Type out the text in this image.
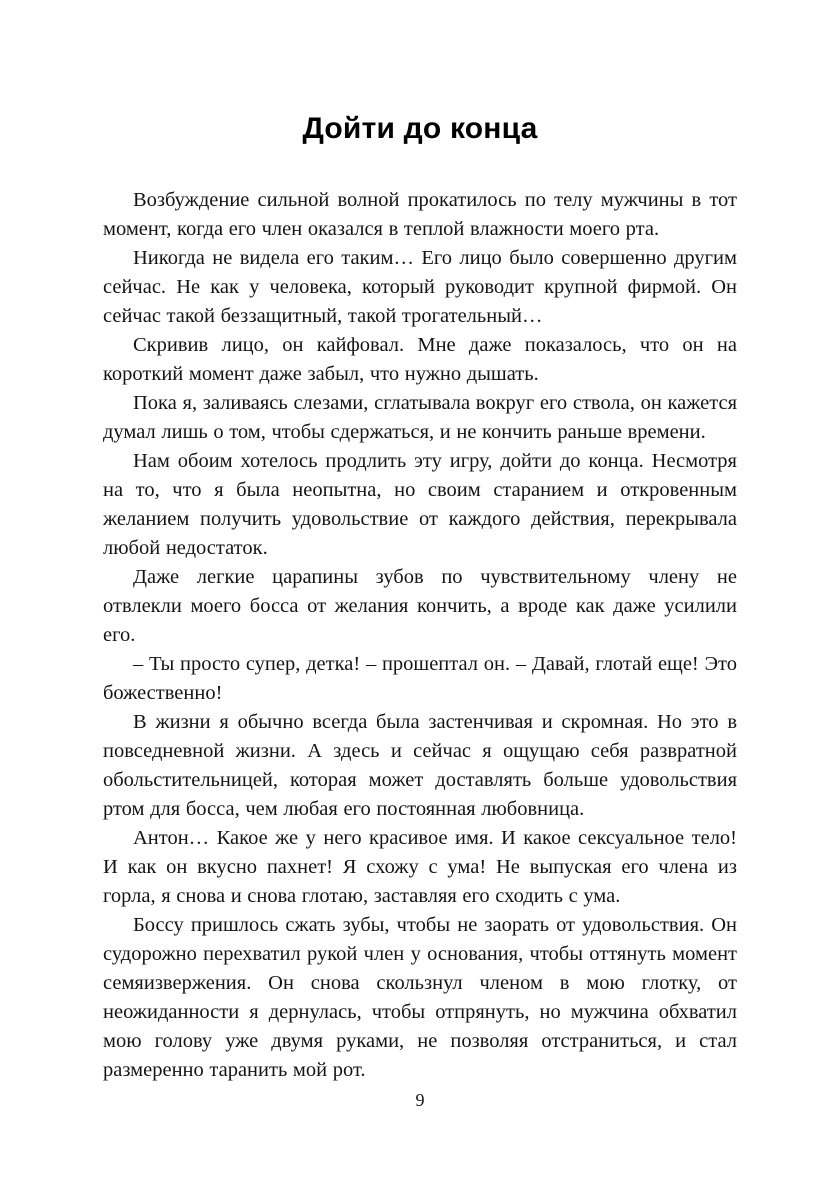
Дойти до конца

Возбуждение сильной волной прокатилось по телу мужчины в тот момент, когда его член оказался в теплой влажности моего рта.

Никогда не видела его таким… Его лицо было совершенно другим сейчас. Не как у человека, который руководит крупной фирмой. Он сейчас такой беззащитный, такой трогательный…

Скривив лицо, он кайфовал. Мне даже показалось, что он на короткий момент даже забыл, что нужно дышать.

Пока я, заливаясь слезами, сглатывала вокруг его ствола, он кажется думал лишь о том, чтобы сдержаться, и не кончить раньше времени.

Нам обоим хотелось продлить эту игру, дойти до конца. Несмотря на то, что я была неопытна, но своим старанием и откровенным желанием получить удовольствие от каждого действия, перекрывала любой недостаток.

Даже легкие царапины зубов по чувствительному члену не отвлекли моего босса от желания кончить, а вроде как даже усилили его.

– Ты просто супер, детка! – прошептал он. – Давай, глотай еще! Это божественно!

В жизни я обычно всегда была застенчивая и скромная. Но это в повседневной жизни. А здесь и сейчас я ощущаю себя развратной обольстительницей, которая может доставлять больше удовольствия ртом для босса, чем любая его постоянная любовница.

Антон… Какое же у него красивое имя. И какое сексуальное тело! И как он вкусно пахнет! Я схожу с ума! Не выпуская его члена из горла, я снова и снова глотаю, заставляя его сходить с ума.

Боссу пришлось сжать зубы, чтобы не заорать от удовольствия. Он судорожно перехватил рукой член у основания, чтобы оттянуть момент семяизвержения. Он снова скользнул членом в мою глотку, от неожиданности я дернулась, чтобы отпрянуть, но мужчина обхватил мою голову уже двумя руками, не позволяя отстраниться, и стал размеренно таранить мой рот.

9
